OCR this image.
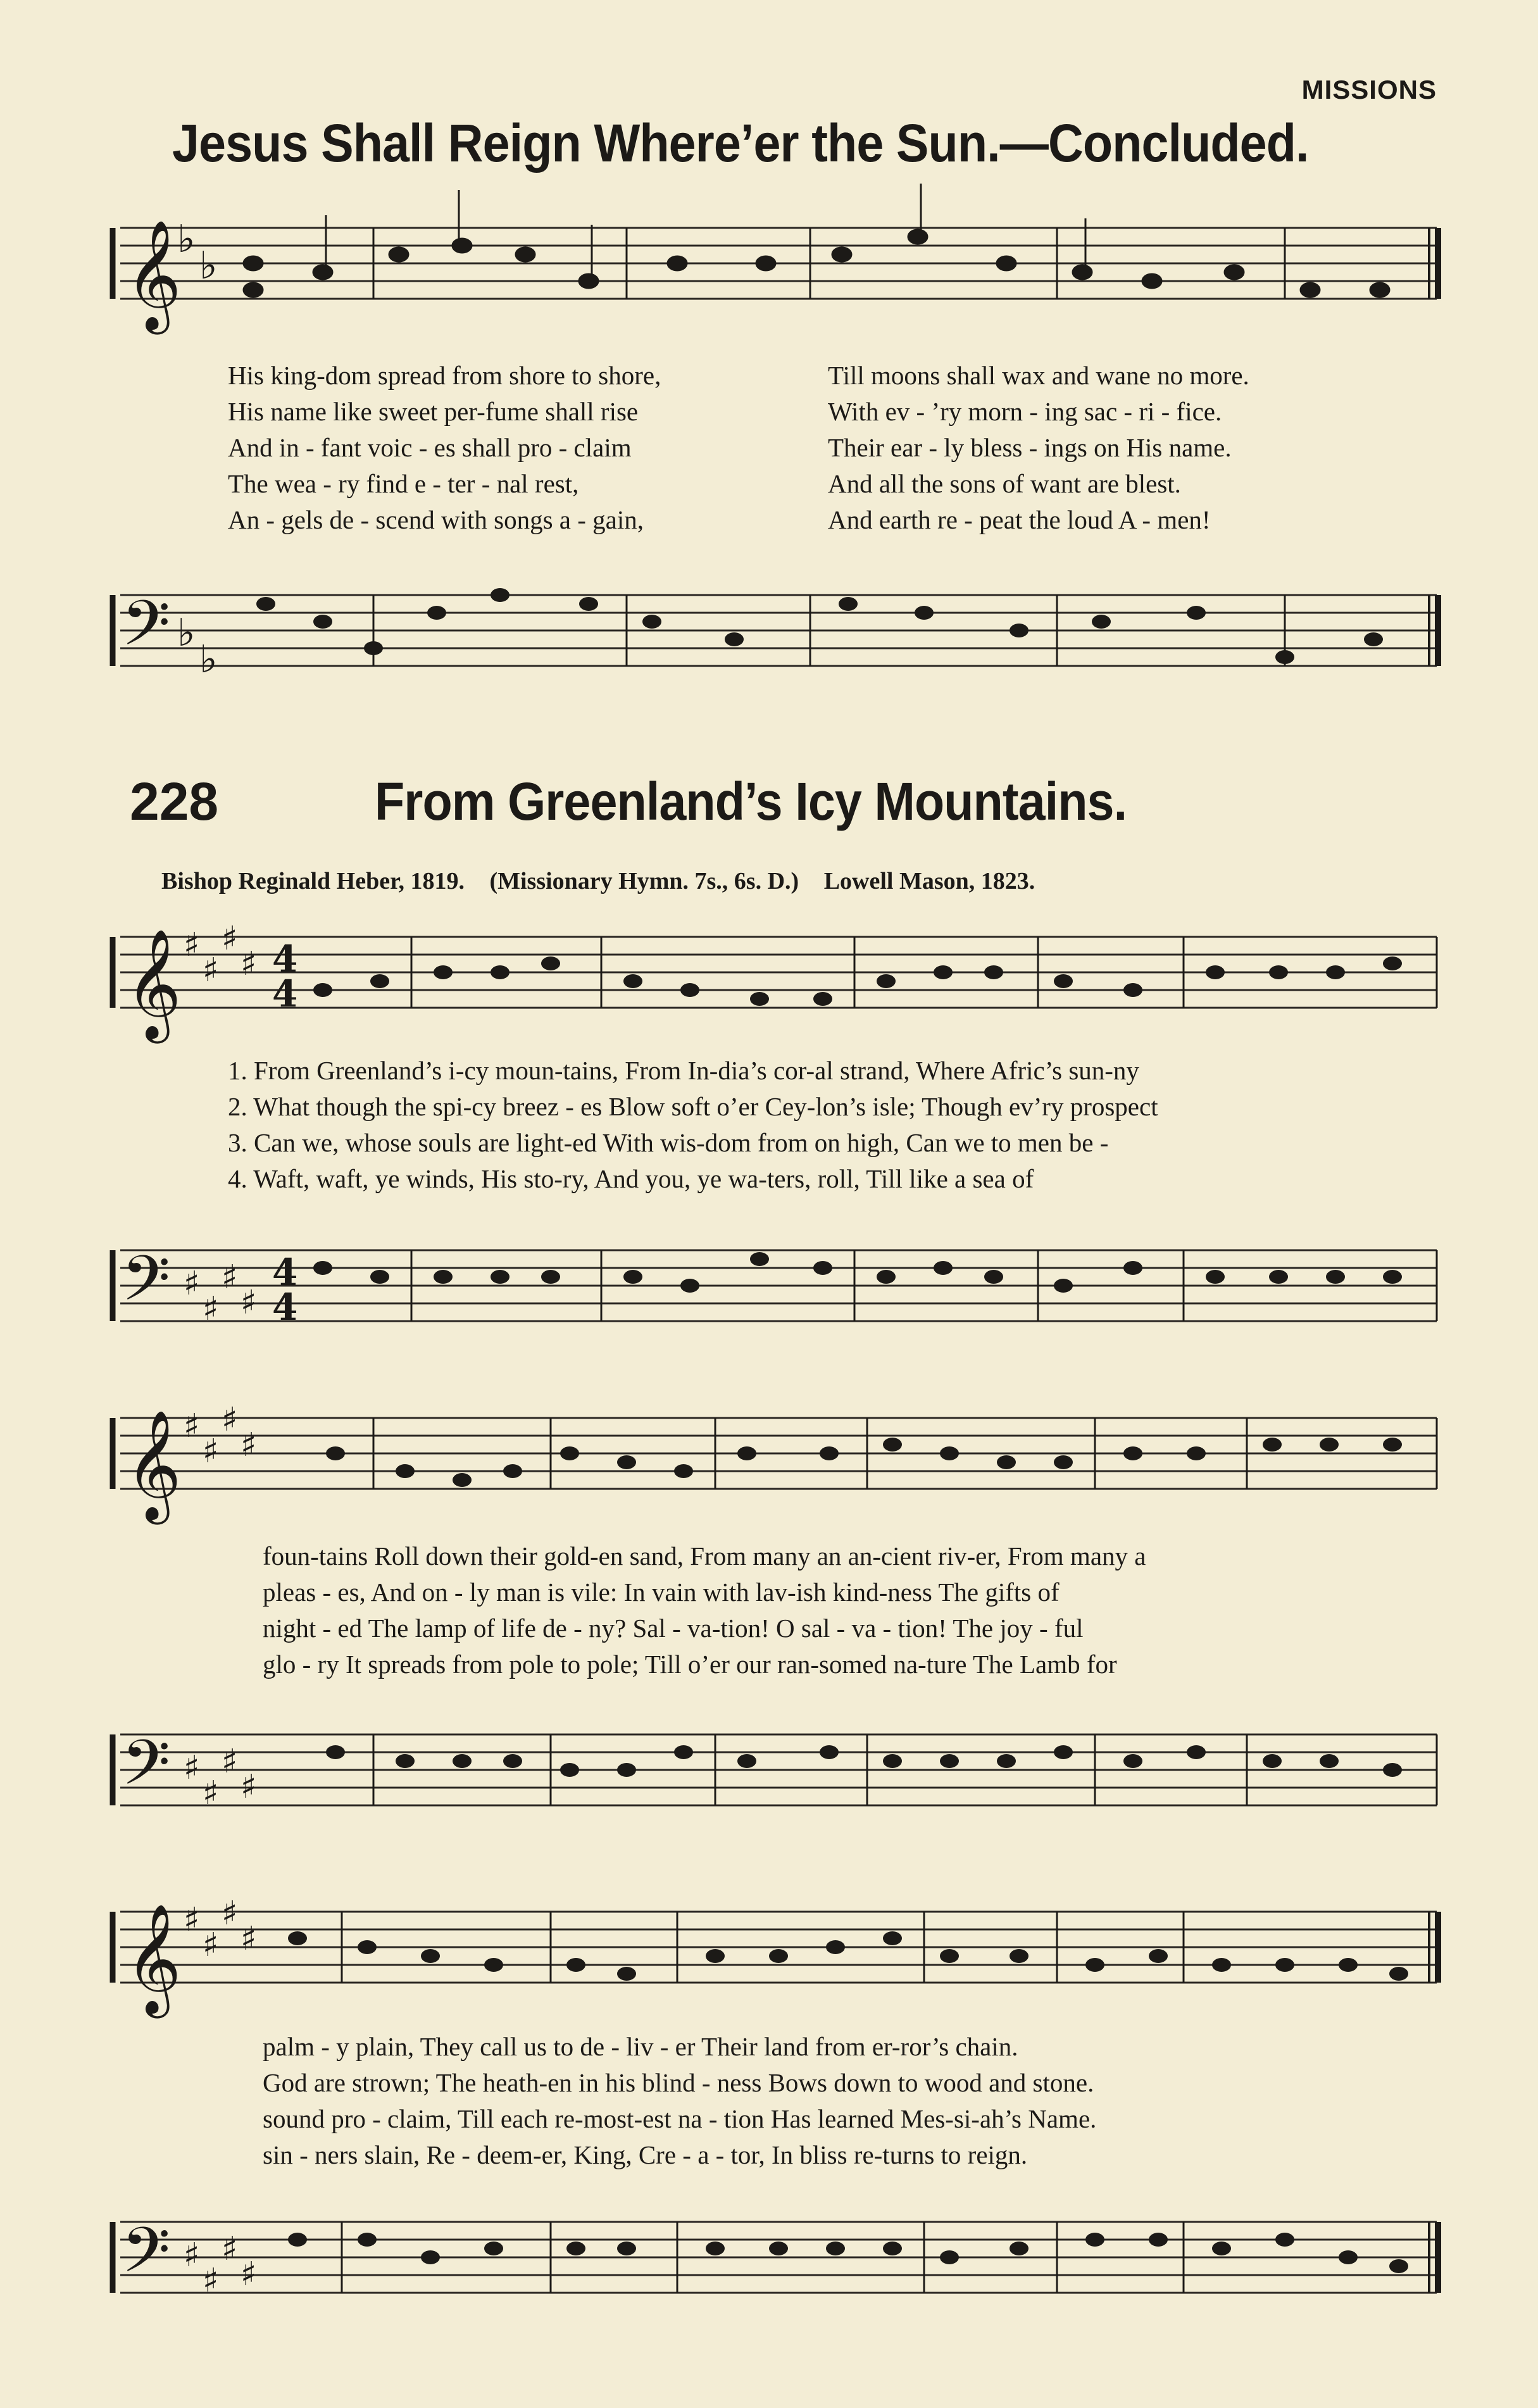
MISSIONS
Jesus Shall Reign Where’er the Sun.—Concluded.
𝄞
♭
♭
His king-dom spread from shore to shore,
His name like sweet per-fume shall rise
And in - fant voic - es shall pro - claim
The wea - ry find e - ter - nal rest,
An - gels de - scend with songs a - gain,
Till moons shall wax and wane no more.
With ev - ’ry morn - ing sac - ri - fice.
Their ear - ly bless - ings on His name.
And all the sons of want are blest.
And earth re - peat the loud A - men!
𝄢 ♭
♭
228	From Greenland’s Icy Mountains.
Bishop Reginald Heber, 1819. (Missionary Hymn. 7s., 6s. D.) Lowell Mason, 1823.
𝄞 ♯
♯
♯
♯ 4
4
1. From Greenland’s i-cy moun-tains, From In-dia’s cor-al strand, Where Afric’s sun-ny
2. What though the spi-cy breez - es Blow soft o’er Cey-lon’s isle; Though ev’ry prospect
3. Can we, whose souls are light-ed With wis-dom from on high, Can we to men be -
4. Waft, waft, ye winds, His sto-ry, And you, ye wa-ters, roll, Till like a sea of
𝄢 ♯
♯
♯
♯
4
4
𝄞 ♯
♯
♯
♯
foun-tains Roll down their gold-en sand, From many an an-cient riv-er, From many a
pleas - es, And on - ly man is vile: In vain with lav-ish kind-ness The gifts of
night - ed The lamp of life de - ny? Sal - va-tion! O sal - va - tion! The joy - ful
glo - ry It spreads from pole to pole; Till o’er our ran-somed na-ture The Lamb for
𝄢 ♯
♯
♯
♯
𝄞 ♯
♯
♯
♯
palm - y plain, They call us to de - liv - er Their land from er-ror’s chain.
God are strown; The heath-en in his blind - ness Bows down to wood and stone.
sound pro - claim, Till each re-most-est na - tion Has learned Mes-si-ah’s Name.
sin - ners slain, Re - deem-er, King, Cre - a - tor, In bliss re-turns to reign.
𝄢 ♯
♯
♯
♯
